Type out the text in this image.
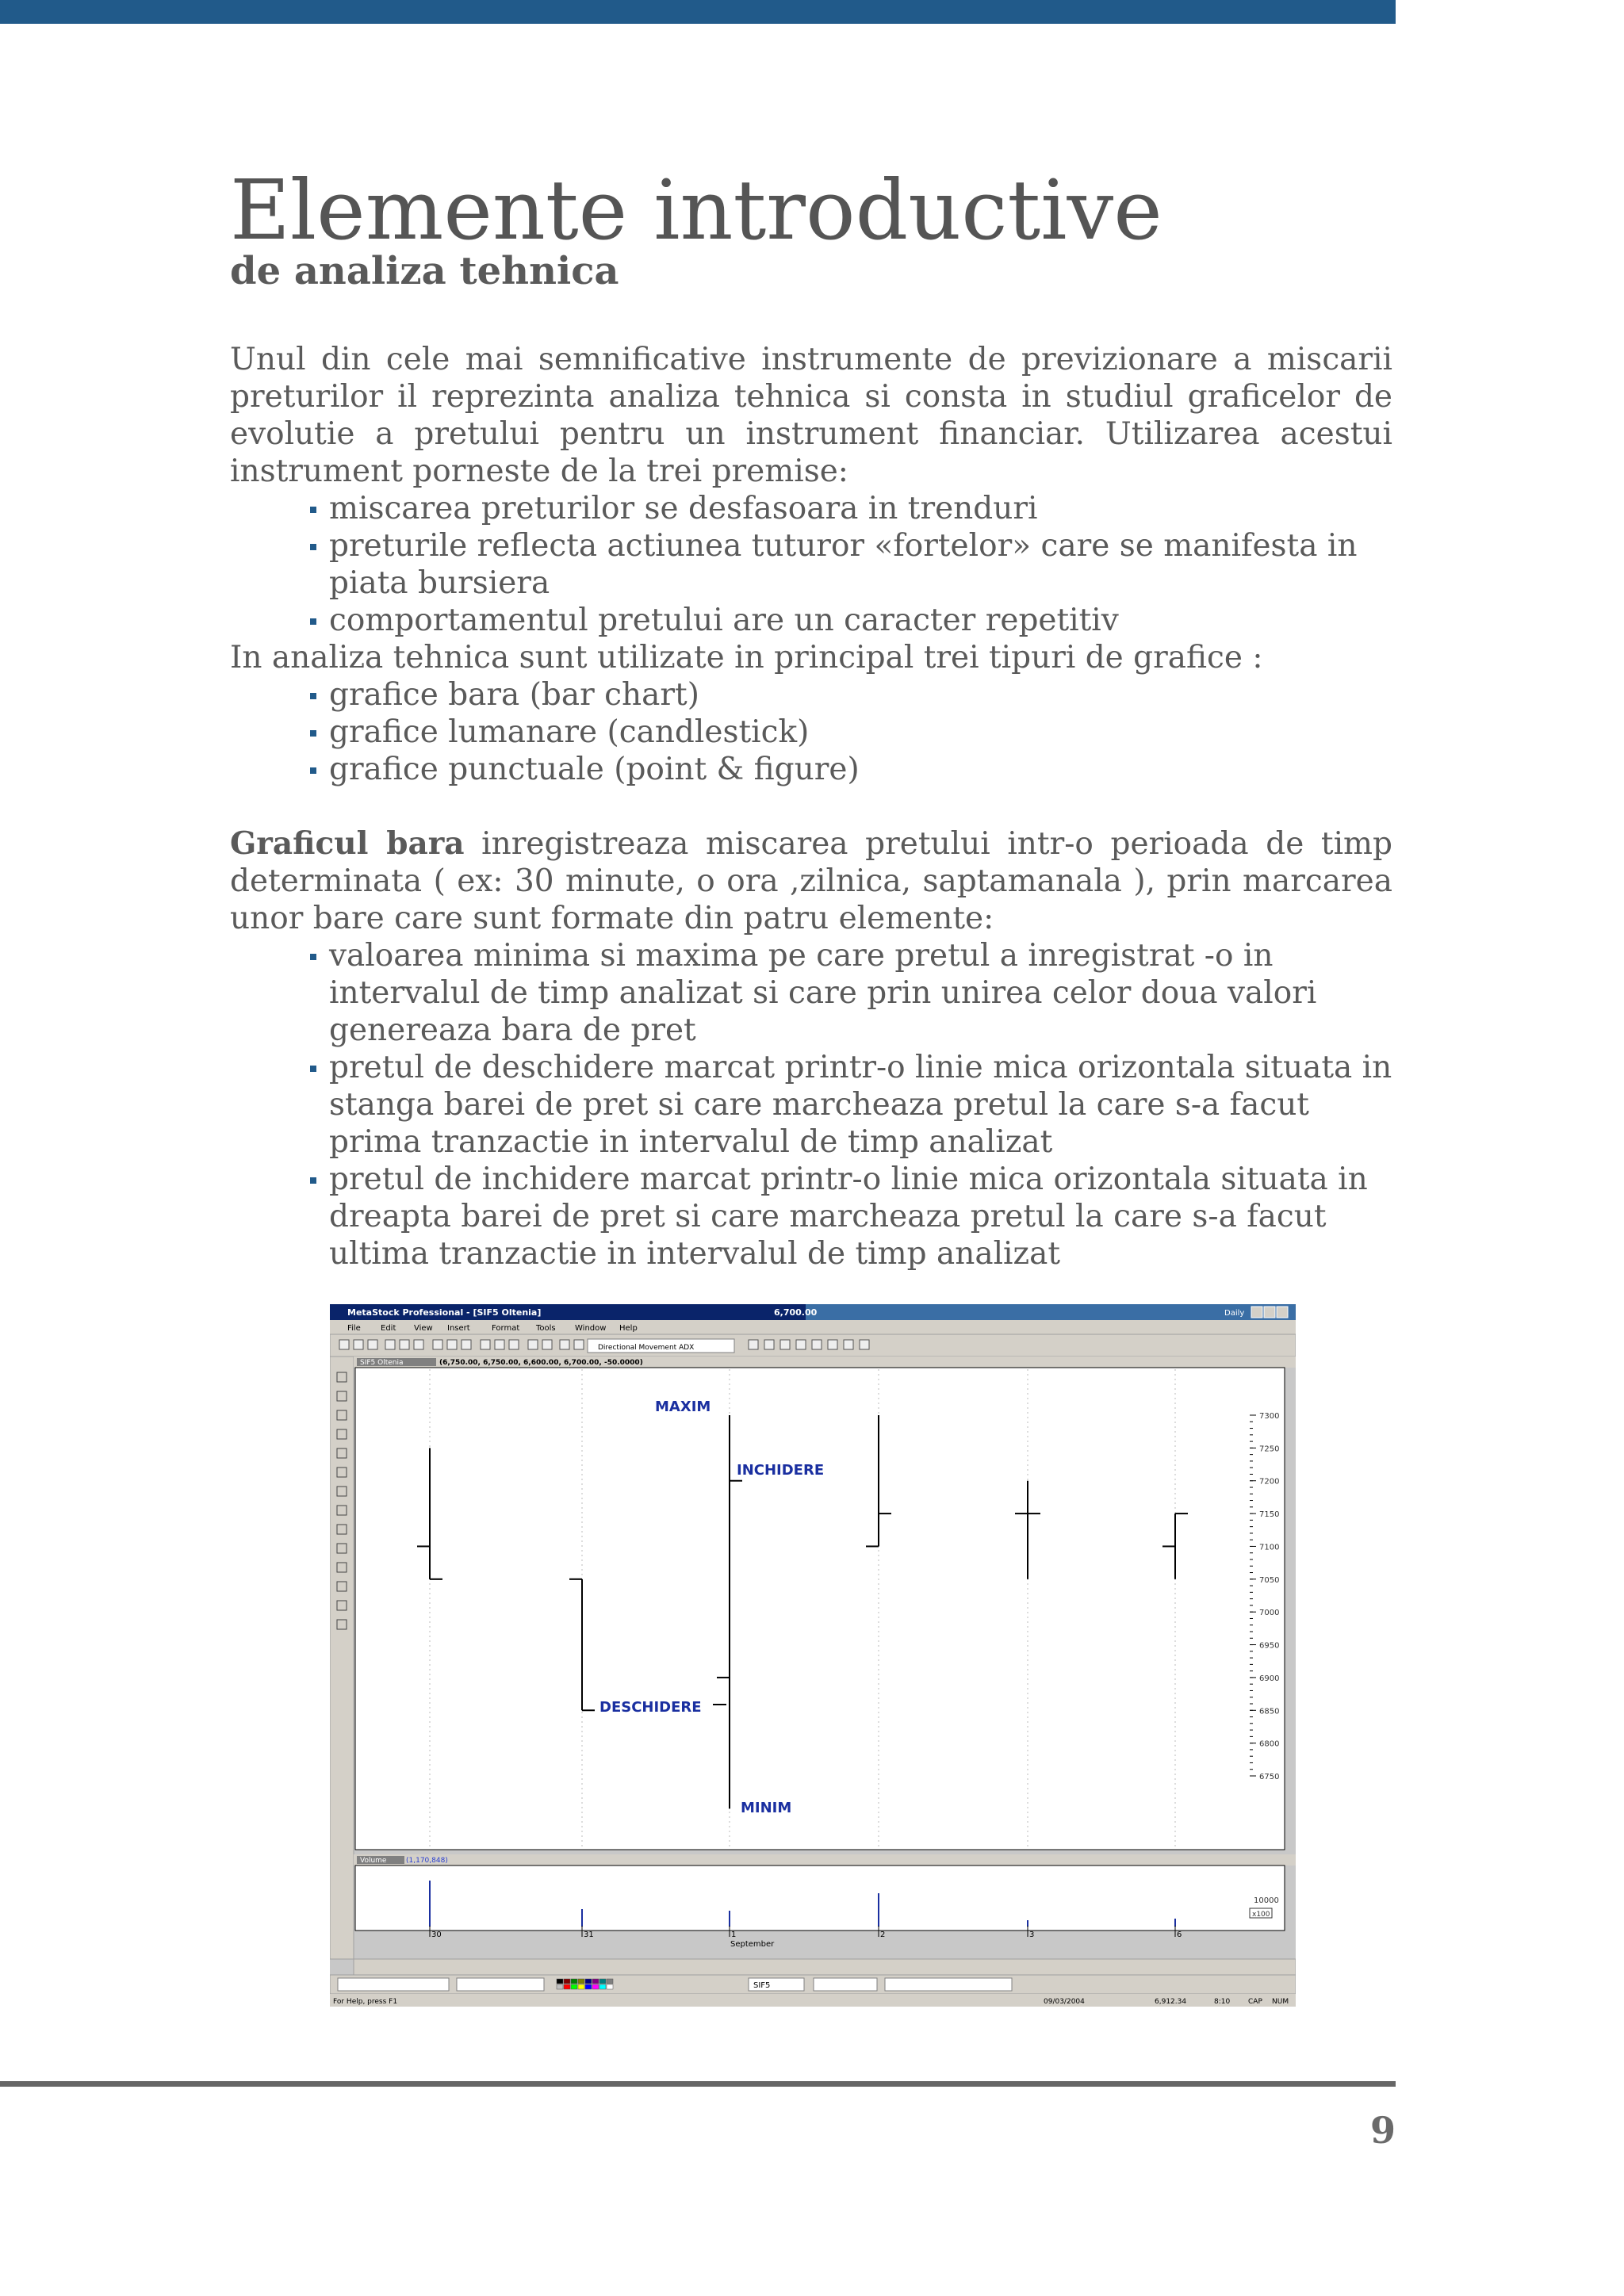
Elemente introductive
de analiza tehnica

Unul din cele mai semnificative instrumente de previzionare a miscarii preturilor il reprezinta analiza tehnica si consta in studiul graficelor de evolutie a pretului pentru un instrument financiar. Utilizarea acestui instrument porneste de la trei premise:

miscarea preturilor se desfasoara in trenduri
preturile reflecta actiunea tuturor «fortelor» care se manifesta in piata bursiera
comportamentul pretului are un caracter repetitiv

In analiza tehnica sunt utilizate in principal trei tipuri de grafice :

grafice bara (bar chart)
grafice lumanare (candlestick)
grafice punctuale (point & figure)

Graficul bara inregistreaza miscarea pretului intr-o perioada de timp determinata ( ex: 30 minute, o ora ,zilnica, saptamanala ), prin marcarea unor bare care sunt formate din patru elemente:

valoarea minima si maxima pe care pretul a inregistrat -o in intervalul de timp analizat si care prin unirea celor doua valori genereaza bara de pret
pretul de deschidere marcat printr-o linie mica orizontala situata in stanga barei de pret si care marcheaza pretul la care s-a facut prima tranzactie in intervalul de timp analizat
pretul de inchidere marcat printr-o linie mica orizontala situata in dreapta barei de pret si care marcheaza pretul la care s-a facut ultima tranzactie in intervalul de timp analizat
MetaStock Professional - [SIF5 Oltenia]	6,700.00	Daily
File	Edit View Insert	Format Tools Window Help
Directional Movement ADX
SIF5 Oltenia	(6,750.00, 6,750.00, 6,600.00, 6,700.00, -50.0000)
7300
7250
7200
7150
7100
7050
7000
6950
6900
6850
6800
6750
MAXIM
INCHIDERE
DESCHIDERE
MINIM
Volume	(1,170,848)
10000
x100
30	31	1	2	3	6
September
SIF5
For Help, press F1	09/03/2004	6,912.34	8:10	CAP NUM
9
